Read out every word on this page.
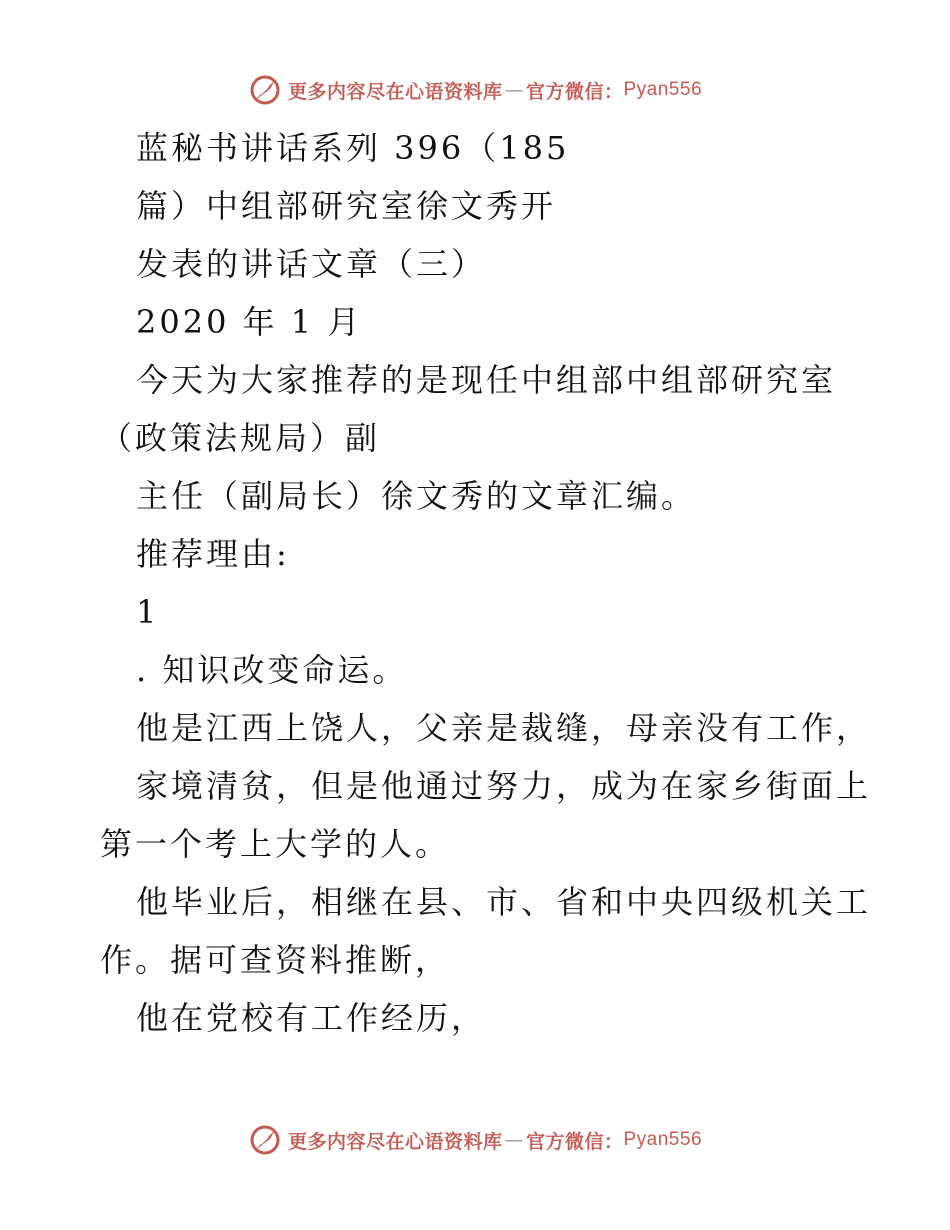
更多内容尽在心语资料库 — 官方微信： Pyan556
蓝秘书讲话系列 396（185
篇）中组部研究室徐文秀开
发表的讲话文章（三）
2020 年 1 月
今天为大家推荐的是现任中组部中组部研究室
（政策法规局）副
主任（副局长）徐文秀的文章汇编。
推荐理由:
1
. 知识改变命运。
他是江西上饶人，父亲是裁缝，母亲没有工作，
家境清贫，但是他通过努力，成为在家乡街面上
第一个考上大学的人。
他毕业后，相继在县、市、省和中央四级机关工
作。据可查资料推断，
他在党校有工作经历，
更多内容尽在心语资料库 — 官方微信： Pyan556
